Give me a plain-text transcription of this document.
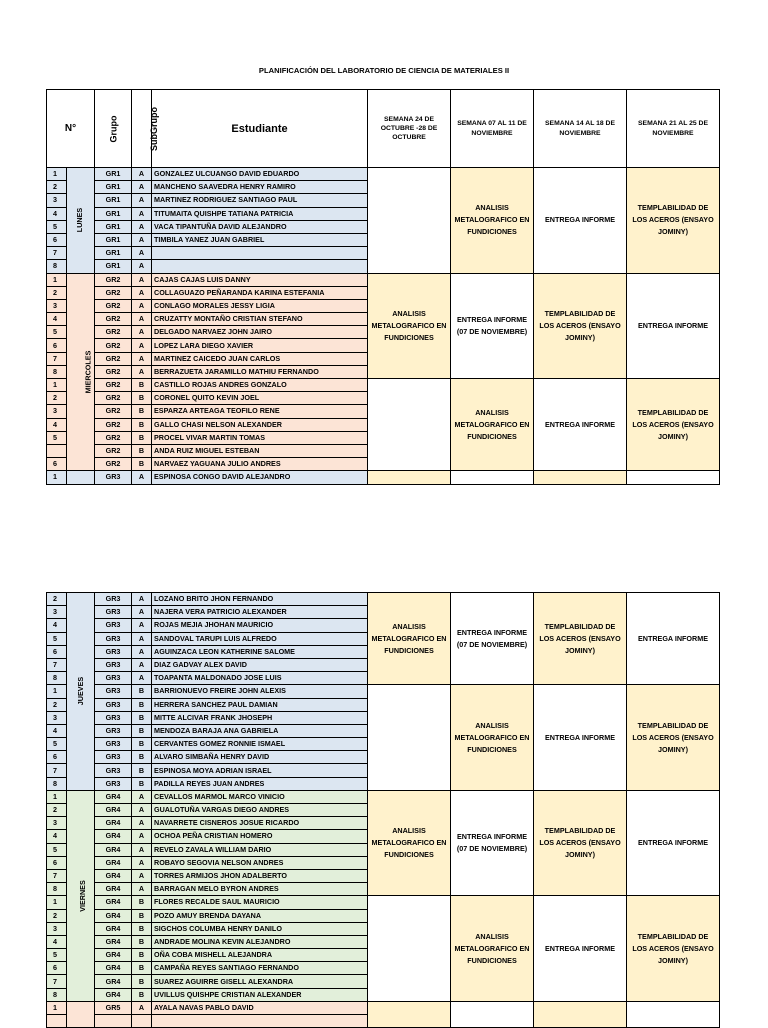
PLANIFICACIÓN DEL LABORATORIO DE CIENCIA DE MATERIALES II
N°		Grupo	SubGrupo	Estudiante	SEMANA 24 DE OCTUBRE -28 DE OCTUBRE	SEMANA 07 AL 11 DE NOVIEMBRE	SEMANA 14 AL 18 DE NOVIEMBRE	SEMANA 21 AL 25 DE NOVIEMBRE
1	LUNES	GR1	A	GONZALEZ ULCUANGO DAVID EDUARDO		ANALISIS METALOGRAFICO EN FUNDICIONES	ENTREGA INFORME	TEMPLABILIDAD DE LOS ACEROS (ENSAYO JOMINY)
2		GR1	A	MANCHENO SAAVEDRA HENRY RAMIRO				
3		GR1	A	MARTINEZ RODRIGUEZ SANTIAGO PAUL				
4		GR1	A	TITUMAITA QUISHPE TATIANA PATRICIA				
5		GR1	A	VACA TIPANTUÑA DAVID ALEJANDRO				
6		GR1	A	TIMBILA YANEZ JUAN GABRIEL				
7		GR1	A					
8		GR1	A					
1	MIERCOLES	GR2	A	CAJAS CAJAS LUIS DANNY	ANALISIS METALOGRAFICO EN FUNDICIONES	ENTREGA INFORME (07 DE NOVIEMBRE)	TEMPLABILIDAD DE LOS ACEROS (ENSAYO JOMINY)	ENTREGA INFORME
2		GR2	A	COLLAGUAZO PEÑARANDA KARINA ESTEFANIA				
3		GR2	A	CONLAGO MORALES JESSY LIGIA				
4		GR2	A	CRUZATTY MONTAÑO CRISTIAN STEFANO				
5		GR2	A	DELGADO NARVAEZ JOHN JAIRO				
6		GR2	A	LOPEZ LARA DIEGO XAVIER				
7		GR2	A	MARTINEZ CAICEDO JUAN CARLOS				
8		GR2	A	BERRAZUETA JARAMILLO MATHIU FERNANDO				
1		GR2	B	CASTILLO ROJAS ANDRES GONZALO		ANALISIS METALOGRAFICO EN FUNDICIONES	ENTREGA INFORME	TEMPLABILIDAD DE LOS ACEROS (ENSAYO JOMINY)
2		GR2	B	CORONEL QUITO KEVIN JOEL				
3		GR2	B	ESPARZA ARTEAGA TEOFILO RENE				
4		GR2	B	GALLO CHASI NELSON ALEXANDER				
5		GR2	B	PROCEL VIVAR MARTIN TOMAS				
		GR2	B	ANDA RUIZ MIGUEL ESTEBAN				
6		GR2	B	NARVAEZ YAGUANA JULIO ANDRES				
1		GR3	A	ESPINOSA CONGO DAVID ALEJANDRO				
2	JUEVES	GR3	A	LOZANO BRITO JHON FERNANDO	ANALISIS METALOGRAFICO EN FUNDICIONES	ENTREGA INFORME (07 DE NOVIEMBRE)	TEMPLABILIDAD DE LOS ACEROS (ENSAYO JOMINY)	ENTREGA INFORME
3		GR3	A	NAJERA VERA PATRICIO ALEXANDER				
4		GR3	A	ROJAS MEJIA JHOHAN MAURICIO				
5		GR3	A	SANDOVAL TARUPI LUIS ALFREDO				
6		GR3	A	AGUINZACA LEON KATHERINE SALOME				
7		GR3	A	DIAZ GADVAY ALEX DAVID				
8		GR3	A	TOAPANTA MALDONADO JOSE LUIS				
1		GR3	B	BARRIONUEVO FREIRE JOHN ALEXIS		ANALISIS METALOGRAFICO EN FUNDICIONES	ENTREGA INFORME	TEMPLABILIDAD DE LOS ACEROS (ENSAYO JOMINY)
2		GR3	B	HERRERA SANCHEZ PAUL DAMIAN				
3		GR3	B	MITTE ALCIVAR FRANK JHOSEPH				
4		GR3	B	MENDOZA BARAJA ANA GABRIELA				
5		GR3	B	CERVANTES GOMEZ RONNIE ISMAEL				
6		GR3	B	ALVARO SIMBAÑA HENRY DAVID				
7		GR3	B	ESPINOSA MOYA ADRIAN ISRAEL				
8		GR3	B	PADILLA REYES JUAN ANDRES				
1	VIERNES	GR4	A	CEVALLOS MARMOL MARCO VINICIO	ANALISIS METALOGRAFICO EN FUNDICIONES	ENTREGA INFORME (07 DE NOVIEMBRE)	TEMPLABILIDAD DE LOS ACEROS (ENSAYO JOMINY)	ENTREGA INFORME
2		GR4	A	GUALOTUÑA VARGAS DIEGO ANDRES				
3		GR4	A	NAVARRETE CISNEROS JOSUE RICARDO				
4		GR4	A	OCHOA PEÑA CRISTIAN HOMERO				
5		GR4	A	REVELO ZAVALA WILLIAM DARIO				
6		GR4	A	ROBAYO SEGOVIA NELSON ANDRES				
7		GR4	A	TORRES ARMIJOS JHON ADALBERTO				
8		GR4	A	BARRAGAN MELO BYRON ANDRES				
1		GR4	B	FLORES RECALDE SAUL MAURICIO		ANALISIS METALOGRAFICO EN FUNDICIONES	ENTREGA INFORME	TEMPLABILIDAD DE LOS ACEROS (ENSAYO JOMINY)
2		GR4	B	POZO AMUY BRENDA DAYANA				
3		GR4	B	SIGCHOS COLUMBA HENRY DANILO				
4		GR4	B	ANDRADE MOLINA KEVIN ALEJANDRO				
5		GR4	B	OÑA COBA MISHELL ALEJANDRA				
6		GR4	B	CAMPAÑA REYES SANTIAGO FERNANDO				
7		GR4	B	SUAREZ AGUIRRE GISELL ALEXANDRA				
8		GR4	B	UVILLUS QUISHPE CRISTIAN ALEXANDER				
1		GR5	A	AYALA NAVAS PABLO DAVID				
